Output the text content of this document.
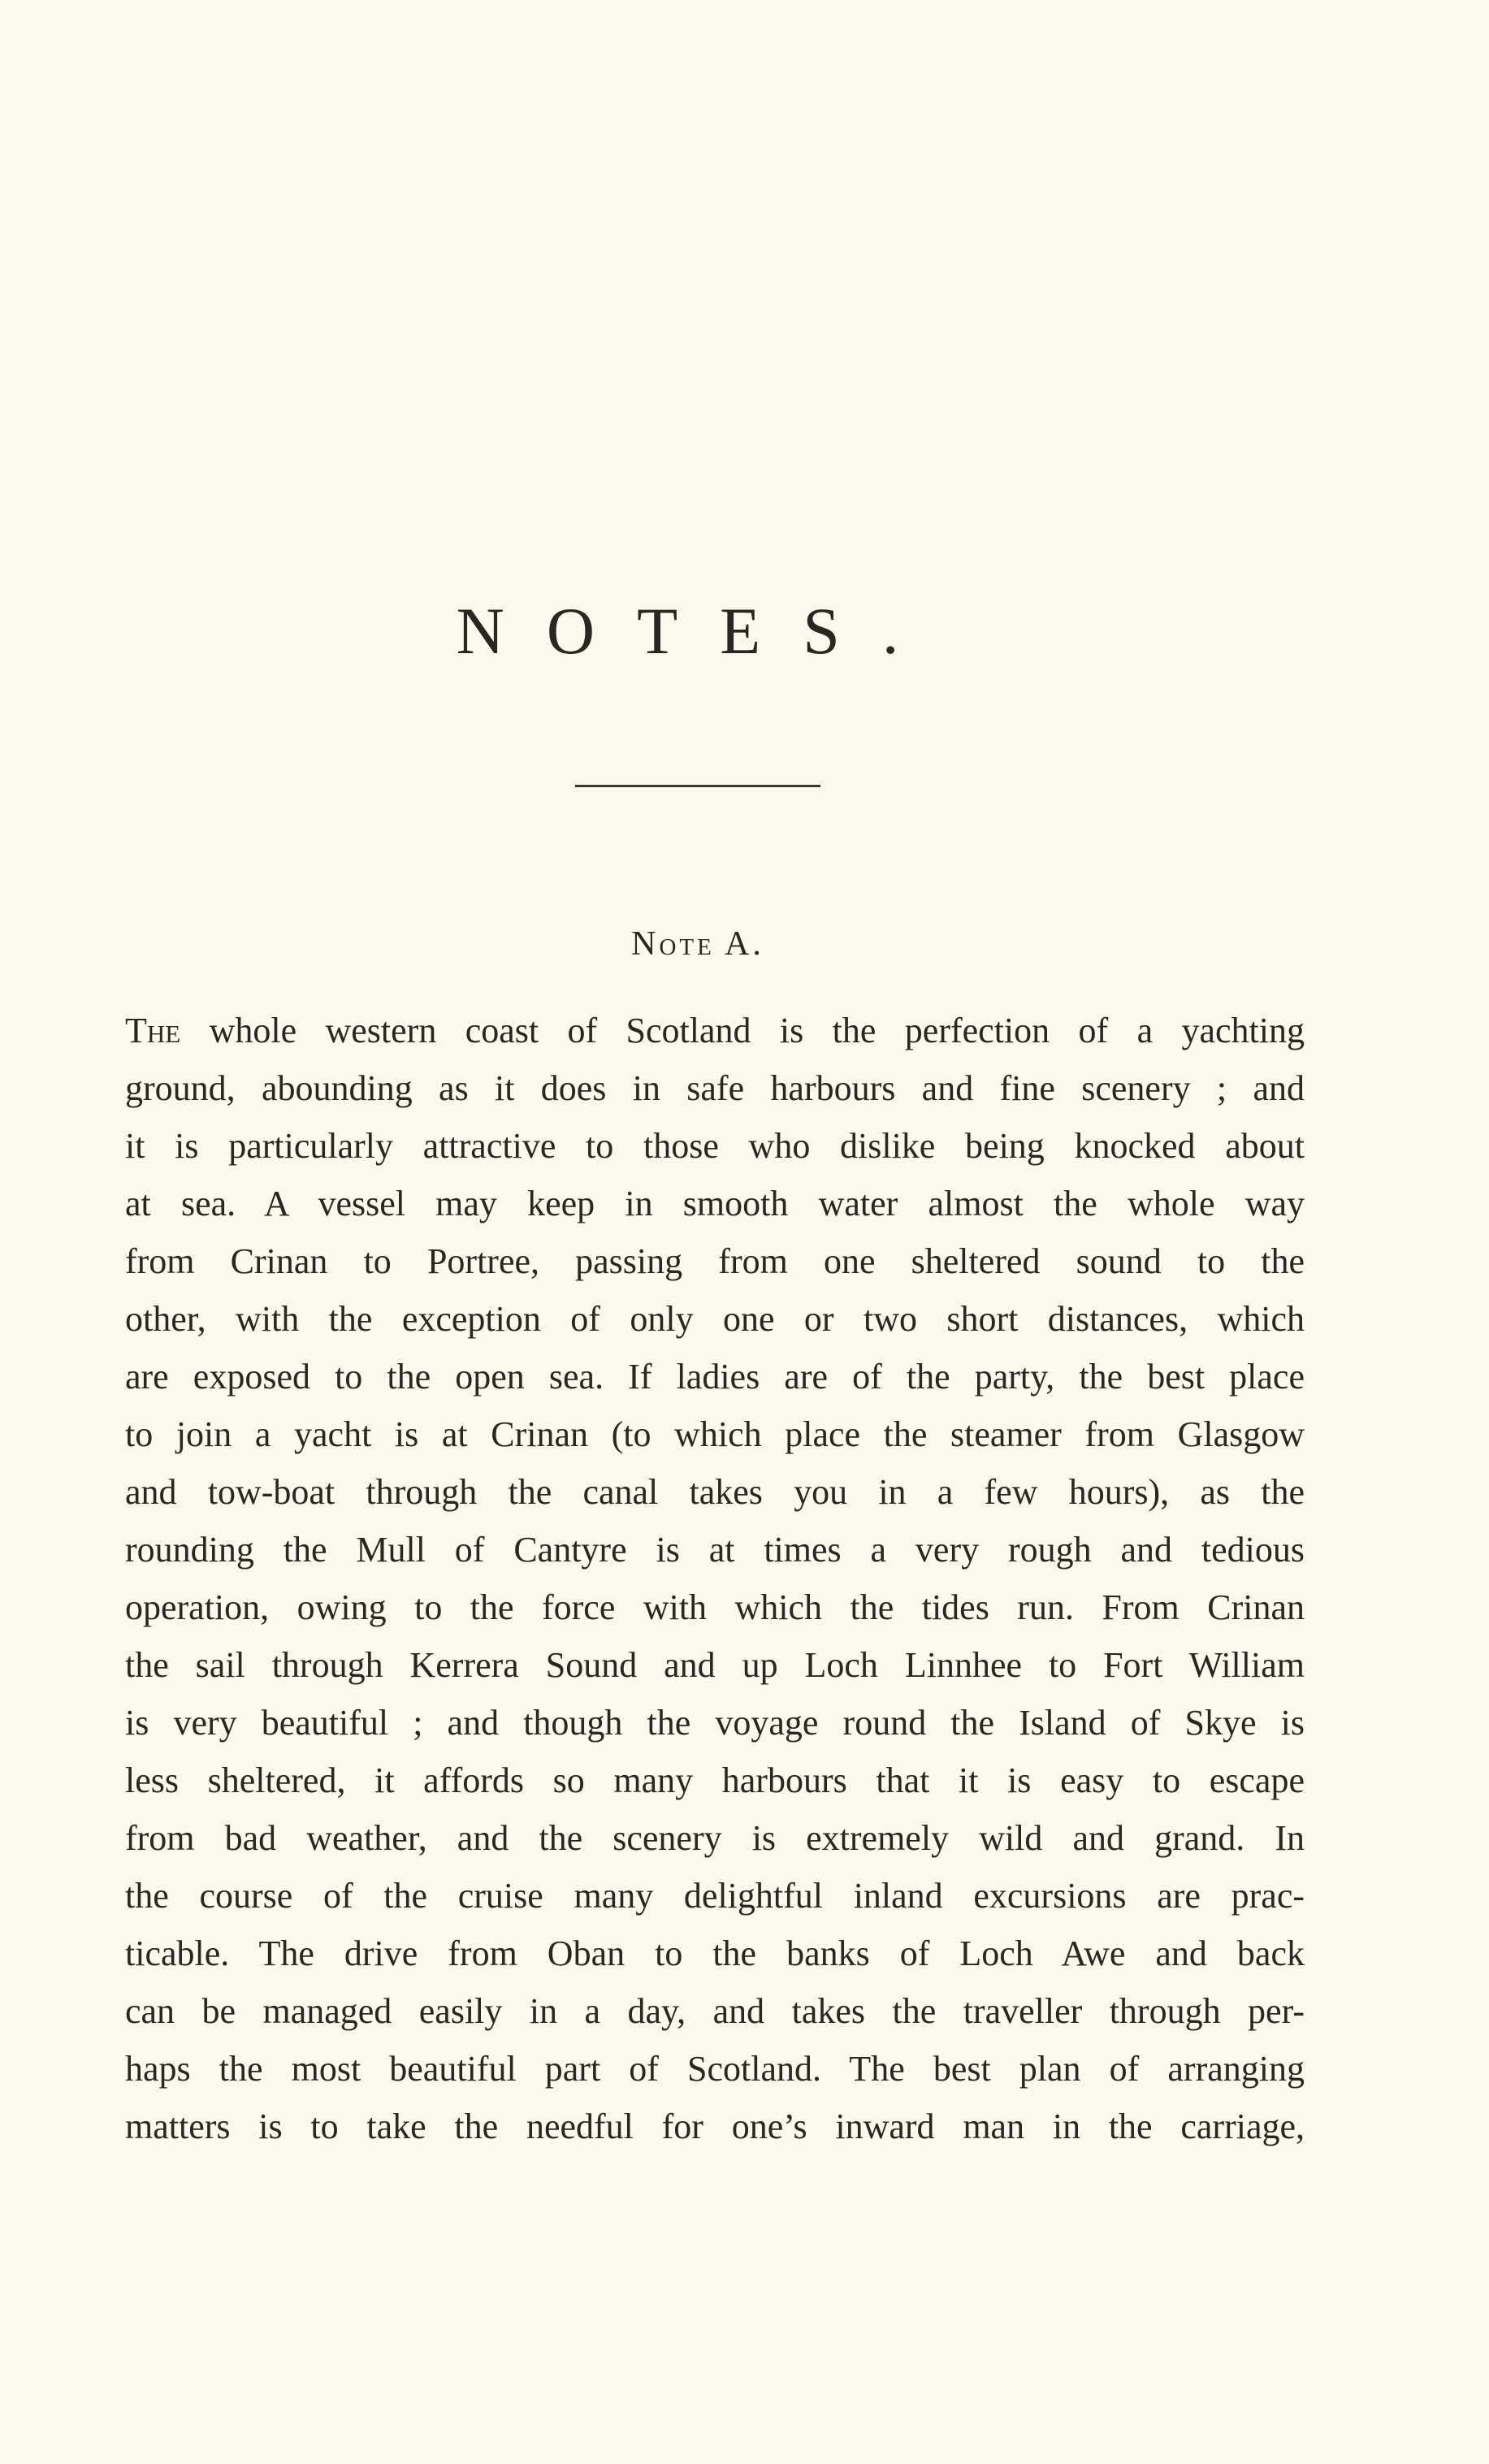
NOTES.
Note A.
The whole western coast of Scotland is the perfection of a yachting
ground, abounding as it does in safe harbours and fine scenery ; and
it is particularly attractive to those who dislike being knocked about
at sea. A vessel may keep in smooth water almost the whole way
from Crinan to Portree, passing from one sheltered sound to the
other, with the exception of only one or two short distances, which
are exposed to the open sea. If ladies are of the party, the best place
to join a yacht is at Crinan (to which place the steamer from Glasgow
and tow-boat through the canal takes you in a few hours), as the
rounding the Mull of Cantyre is at times a very rough and tedious
operation, owing to the force with which the tides run. From Crinan
the sail through Kerrera Sound and up Loch Linnhee to Fort William
is very beautiful ; and though the voyage round the Island of Skye is
less sheltered, it affords so many harbours that it is easy to escape
from bad weather, and the scenery is extremely wild and grand. In
the course of the cruise many delightful inland excursions are prac-
ticable. The drive from Oban to the banks of Loch Awe and back
can be managed easily in a day, and takes the traveller through per-
haps the most beautiful part of Scotland. The best plan of arranging
matters is to take the needful for one’s inward man in the carriage,
